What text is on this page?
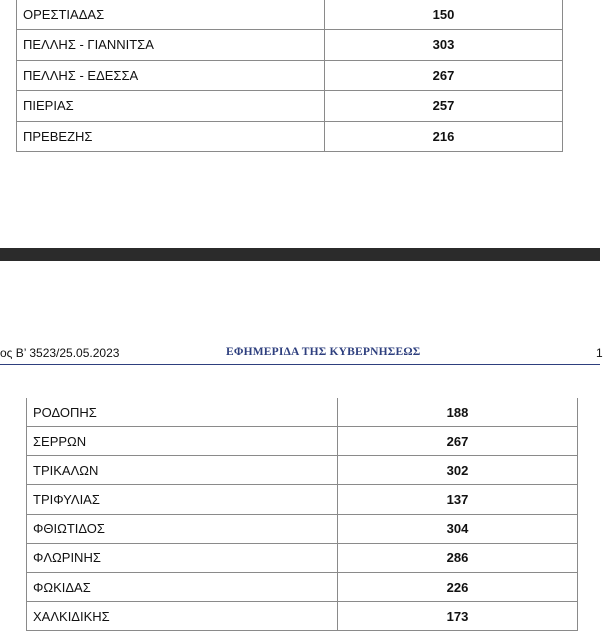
ΟΡΕΣΤΙΑΔΑΣ	150
ΠΕΛΛΗΣ - ΓΙΑΝΝΙΤΣΑ	303
ΠΕΛΛΗΣ - ΕΔΕΣΣΑ	267
ΠΙΕΡΙΑΣ	257
ΠΡΕΒΕΖΗΣ	216
ος Β’ 3523/25.05.2023	ΕΦΗΜΕΡΙΔΑ ΤΗΣ ΚΥΒΕΡΝΗΣΕΩΣ	1
ΡΟΔΟΠΗΣ	188
ΣΕΡΡΩΝ	267
ΤΡΙΚΑΛΩΝ	302
ΤΡΙΦΥΛΙΑΣ	137
ΦΘΙΩΤΙΔΟΣ	304
ΦΛΩΡΙΝΗΣ	286
ΦΩΚΙΔΑΣ	226
ΧΑΛΚΙΔΙΚΗΣ	173
